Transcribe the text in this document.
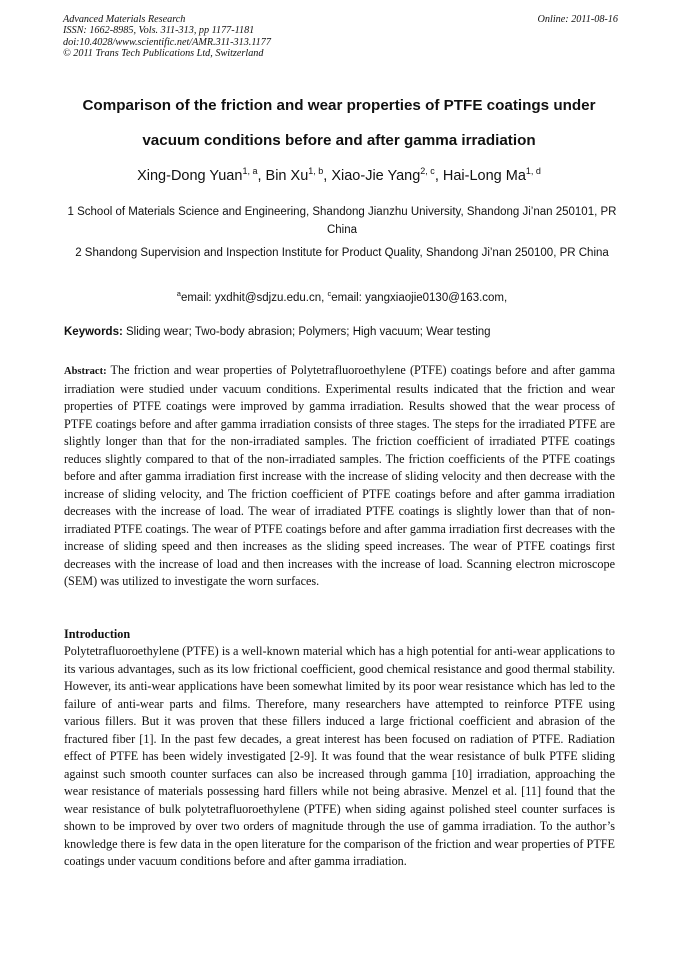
Advanced Materials Research
ISSN: 1662-8985, Vols. 311-313, pp 1177-1181
doi:10.4028/www.scientific.net/AMR.311-313.1177
© 2011 Trans Tech Publications Ltd, Switzerland
Online: 2011-08-16
Comparison of the friction and wear properties of PTFE coatings under
vacuum conditions before and after gamma irradiation
Xing-Dong Yuan$^{1, a}$, Bin Xu$^{1, b}$, Xiao-Jie Yang$^{2, c}$, Hai-Long Ma$^{1, d}$
1 School of Materials Science and Engineering, Shandong Jianzhu University, Shandong Ji’nan 250101, PR China
2 Shandong Supervision and Inspection Institute for Product Quality, Shandong Ji’nan 250100, PR China
$^a$email: yxdhit@sdjzu.edu.cn, $^c$email: yangxiaojie0130@163.com,
Keywords: Sliding wear; Two-body abrasion; Polymers; High vacuum; Wear testing

Abstract: The friction and wear properties of Polytetrafluoroethylene (PTFE) coatings before and after gamma irradiation were studied under vacuum conditions. Experimental results indicated that the friction and wear properties of PTFE coatings were improved by gamma irradiation. Results showed that the wear process of PTFE coatings before and after gamma irradiation consists of three stages. The steps for the irradiated PTFE are slightly longer than that for the non-irradiated samples. The friction coefficient of irradiated PTFE coatings reduces slightly compared to that of the non-irradiated samples. The friction coefficients of the PTFE coatings before and after gamma irradiation first increase with the increase of sliding velocity and then decrease with the increase of sliding velocity, and The friction coefficient of PTFE coatings before and after gamma irradiation decreases with the increase of load. The wear of irradiated PTFE coatings is slightly lower than that of non-irradiated PTFE coatings. The wear of PTFE coatings before and after gamma irradiation first decreases with the increase of sliding speed and then increases as the sliding speed increases. The wear of PTFE coatings first decreases with the increase of load and then increases with the increase of load. Scanning electron microscope (SEM) was utilized to investigate the worn surfaces.

Introduction

Polytetrafluoroethylene (PTFE) is a well-known material which has a high potential for anti-wear applications to its various advantages, such as its low frictional coefficient, good chemical resistance and good thermal stability. However, its anti-wear applications have been somewhat limited by its poor wear resistance which has led to the failure of anti-wear parts and films. Therefore, many researchers have attempted to reinforce PTFE using various fillers. But it was proven that these fillers induced a large frictional coefficient and abrasion of the fractured fiber [1]. In the past few decades, a great interest has been focused on radiation of PTFE. Radiation effect of PTFE has been widely investigated [2-9]. It was found that the wear resistance of bulk PTFE sliding against such smooth counter surfaces can also be increased through gamma [10] irradiation, approaching the wear resistance of materials possessing hard fillers while not being abrasive. Menzel et al. [11] found that the wear resistance of bulk polytetrafluoroethylene (PTFE) when siding against polished steel counter surfaces is shown to be improved by over two orders of magnitude through the use of gamma irradiation. To the author’s knowledge there is few data in the open literature for the comparison of the friction and wear properties of PTFE coatings under vacuum conditions before and after gamma irradiation.
